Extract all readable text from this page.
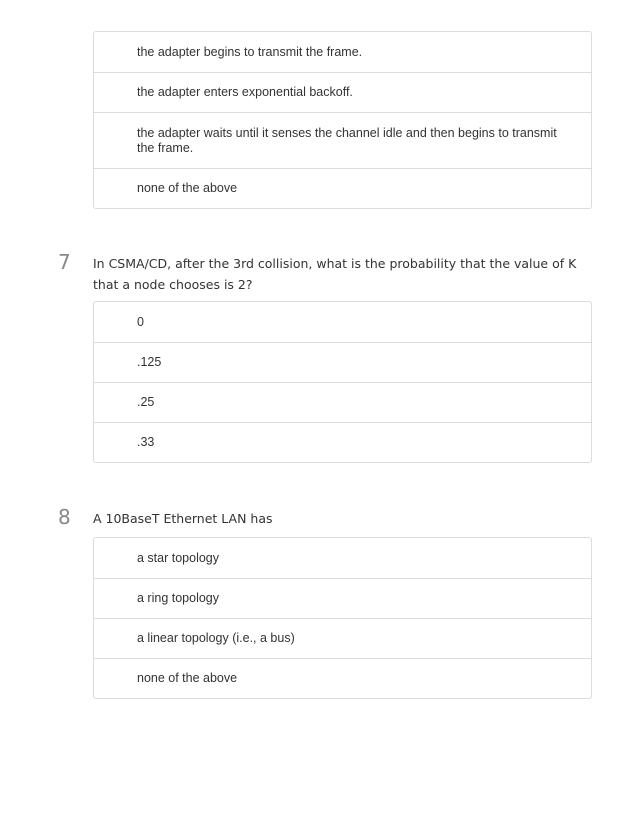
the adapter begins to transmit the frame.
the adapter enters exponential backoff.
the adapter waits until it senses the channel idle and then begins to transmit the frame.
none of the above
7 In CSMA/CD, after the 3rd collision, what is the probability that the value of K that a node chooses is 2?
0
.125
.25
.33
8 A 10BaseT Ethernet LAN has
a star topology
a ring topology
a linear topology (i.e., a bus)
none of the above
